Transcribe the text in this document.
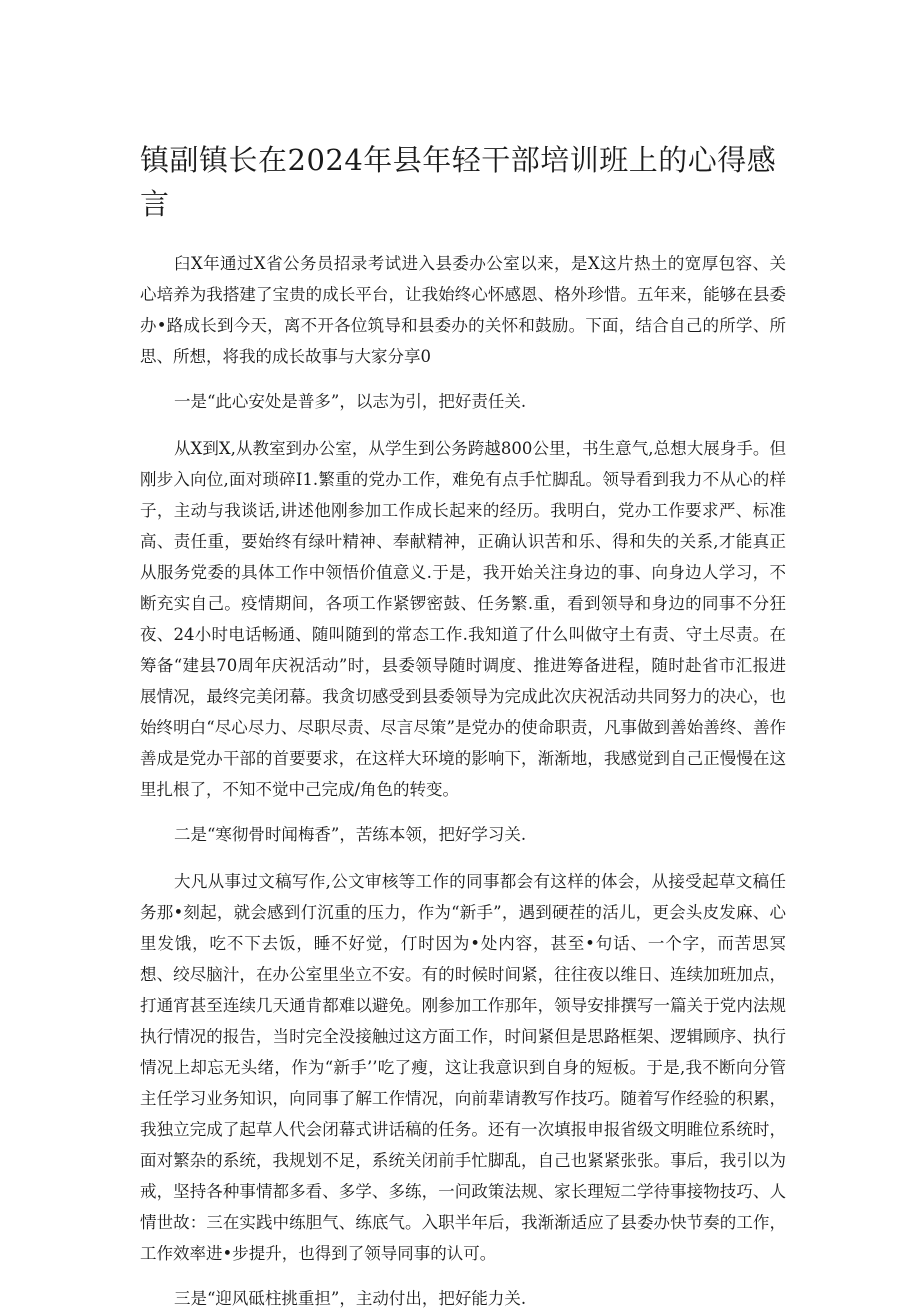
镇副镇长在2024年县年轻干部培训班上的心得感言

臼X年通过X省公务员招录考试进入县委办公室以来，是X这片热土的宽厚包容、关心培养为我搭建了宝贵的成长平台，让我始终心怀感恩、格外珍惜。五年来，能够在县委办•路成长到今天，离不开各位筑导和县委办的关怀和鼓励。下面，结合自己的所学、所思、所想，将我的成长故事与大家分享0

一是“此心安处是普多”，以志为引，把好责任关.

从X到X,从教室到办公室，从学生到公务跨越800公里，书生意气,总想大展身手。但刚步入向位,面对琐碎I1.繁重的党办工作，难免有点手忙脚乱。领导看到我力不从心的样子，主动与我谈话,讲述他刚参加工作成长起来的经历。我明白，党办工作要求严、标准高、责任重，要始终有绿叶精神、奉献精神，正确认识苦和乐、得和失的关系,才能真正从服务党委的具体工作中领悟价值意义.于是，我开始关注身边的事、向身边人学习，不断充实自己。疫情期间，各项工作紧锣密鼓、任务繁.重，看到领导和身边的同事不分狂夜、24小时电话畅通、随叫随到的常态工作.我知道了什么叫做守土有责、守土尽责。在筹备“建县70周年庆祝活动”时，县委领导随时调度、推进筹备进程，随时赴省市汇报进展情况，最终完美闭幕。我贪切感受到县委领导为完成此次庆祝活动共同努力的决心，也始终明白“尽心尽力、尽职尽责、尽言尽策”是党办的使命职责，凡事做到善始善终、善作善成是党办干部的首要要求，在这样大环境的影响下，渐渐地，我感觉到自己正慢慢在这里扎根了，不知不觉中己完成/角色的转变。

二是“寒彻骨时闻梅香”，苦练本领，把好学习关.

大凡从事过文稿写作,公文审核等工作的同事都会有这样的体会，从接受起草文稿任务那•刻起，就会感到仃沉重的压力，作为“新手”，遇到硬茬的活儿，更会头皮发麻、心里发饿，吃不下去饭，睡不好觉，仃时因为•处内容，甚至•句话、一个字，而苦思冥想、绞尽脑汁，在办公室里坐立不安。有的时候时间紧，往往夜以维日、连续加班加点，打通宵甚至连续几天通肯都难以避免。刚参加工作那年，领导安排撰写一篇关于党内法规执行情况的报告，当时完全没接触过这方面工作，时间紧但是思路框架、逻辑顾序、执行情况上却忘无头绪，作为“新手’’吃了瘦，这让我意识到自身的短板。于是,我不断向分管主任学习业务知识，向同事了解工作情况，向前辈请教写作技巧。随着写作经验的积累，我独立完成了起草人代会闭幕式讲话稿的任务。还有一次填报申报省级文明睢位系统时，面对繁杂的系统，我规划不足，系统关闭前手忙脚乱，自己也紧紧张张。事后，我引以为戒，坚持各种事情都多看、多学、多练，一问政策法规、家长理短二学待事接物技巧、人情世故：三在实践中练胆气、练底气。入职半年后，我渐渐适应了县委办快节奏的工作，工作效率进•步提升，也得到了领导同事的认可。

三是“迎风砥柱挑重担”，主动付出，把好能力关.
